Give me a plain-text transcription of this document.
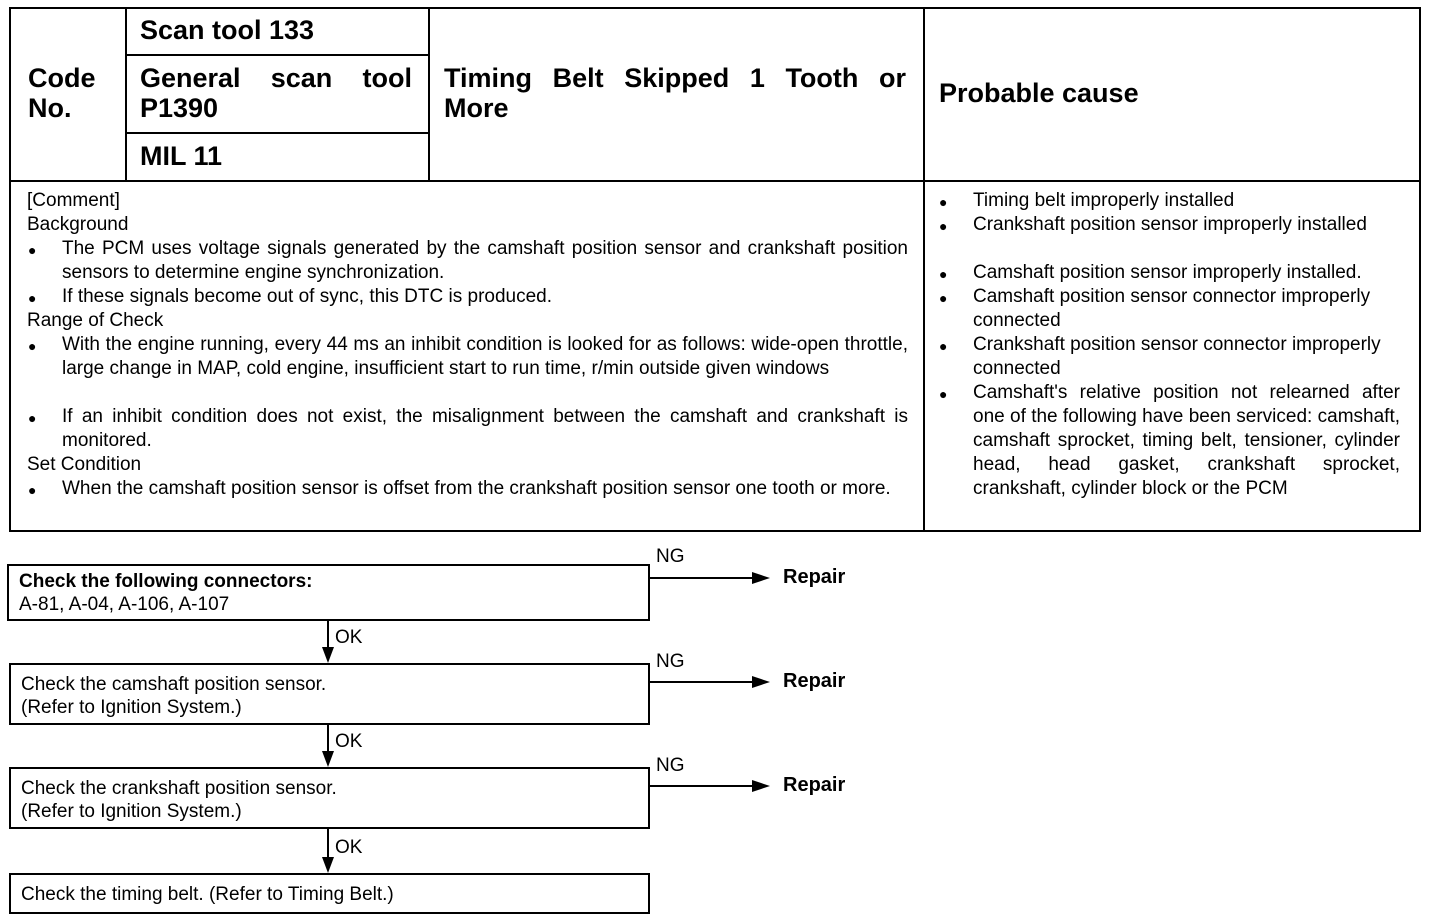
Code No.
Scan tool 133
General scan tool P1390
MIL 11
Timing Belt Skipped 1 Tooth or More	Probable cause
[Comment]
Background
● The PCM uses voltage signals generated by the camshaft position sensor and crankshaft position sensors to determine engine synchronization.
● If these signals become out of sync, this DTC is produced.
Range of Check
● With the engine running, every 44 ms an inhibit condition is looked for as follows: wide-open throttle, large change in MAP, cold engine, insufficient start to run time, r/min outside given windows
● If an inhibit condition does not exist, the misalignment between the camshaft and crankshaft is monitored.
Set Condition
● When the camshaft position sensor is offset from the crankshaft position sensor one tooth or more.
● Timing belt improperly installed
● Crankshaft position sensor improperly installed
● Camshaft position sensor improperly installed.
● Camshaft position sensor connector improperly connected
● Crankshaft position sensor connector improperly connected
● Camshaft's relative position not relearned after one of the following have been serviced: camshaft, camshaft sprocket, timing belt, tensioner, cylinder head, head gasket, crankshaft sprocket, crankshaft, cylinder block or the PCM
Check the following connectors:
A-81, A-04, A-106, A-107
NG
Repair
OK
Check the camshaft position sensor.
(Refer to Ignition System.)
NG
Repair
OK
Check the crankshaft position sensor.
(Refer to Ignition System.)
NG
Repair
OK
Check the timing belt. (Refer to Timing Belt.)
